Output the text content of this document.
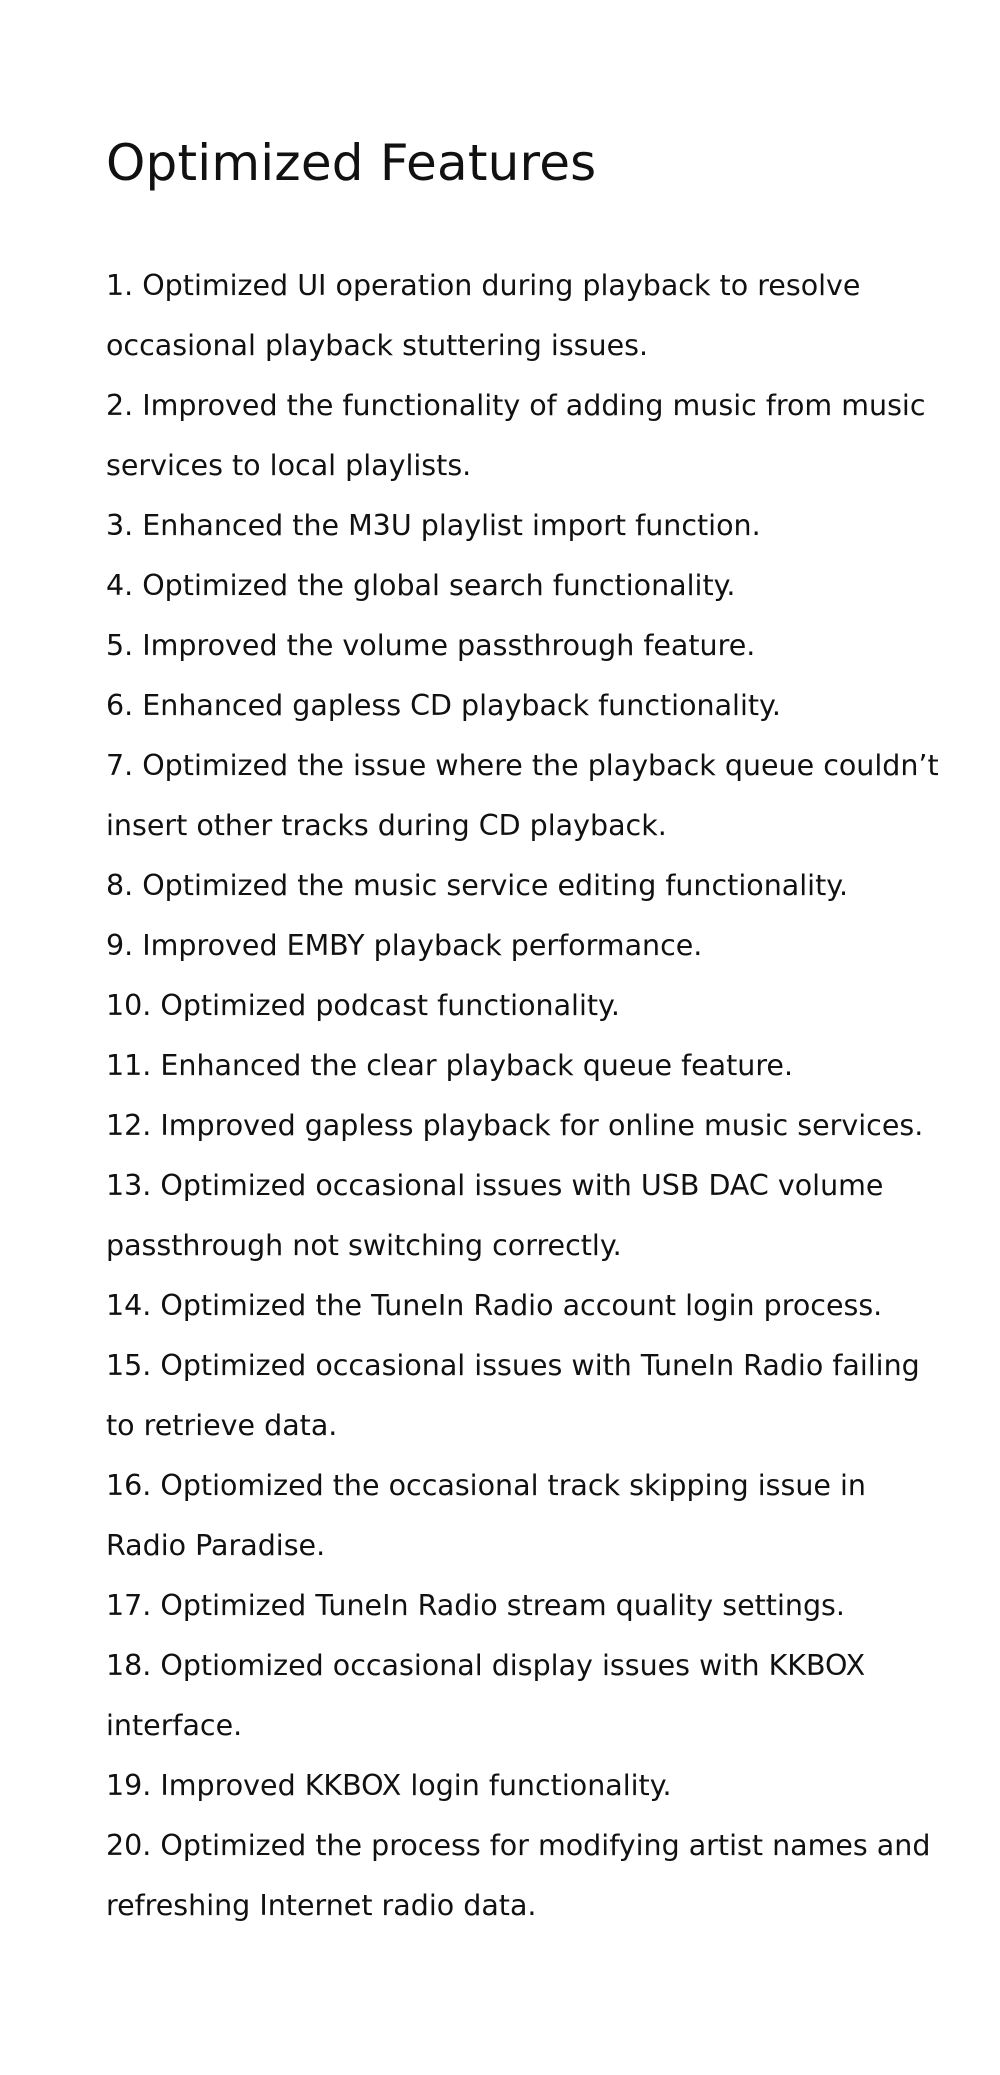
Optimized Features
1. Optimized UI operation during playback to resolve occasional playback stuttering issues.
2. Improved the functionality of adding music from music services to local playlists.
3. Enhanced the M3U playlist import function.
4. Optimized the global search functionality.
5. Improved the volume passthrough feature.
6. Enhanced gapless CD playback functionality.
7. Optimized the issue where the playback queue couldn’t insert other tracks during CD playback.
8. Optimized the music service editing functionality.
9. Improved EMBY playback performance.
10. Optimized podcast functionality.
11. Enhanced the clear playback queue feature.
12. Improved gapless playback for online music services.
13. Optimized occasional issues with USB DAC volume passthrough not switching correctly.
14. Optimized the TuneIn Radio account login process.
15. Optimized occasional issues with TuneIn Radio failing to retrieve data.
16. Optiomized the occasional track skipping issue in Radio Paradise.
17. Optimized TuneIn Radio stream quality settings.
18. Optiomized occasional display issues with KKBOX interface.
19. Improved KKBOX login functionality.
20. Optimized the process for modifying artist names and refreshing Internet radio data.
